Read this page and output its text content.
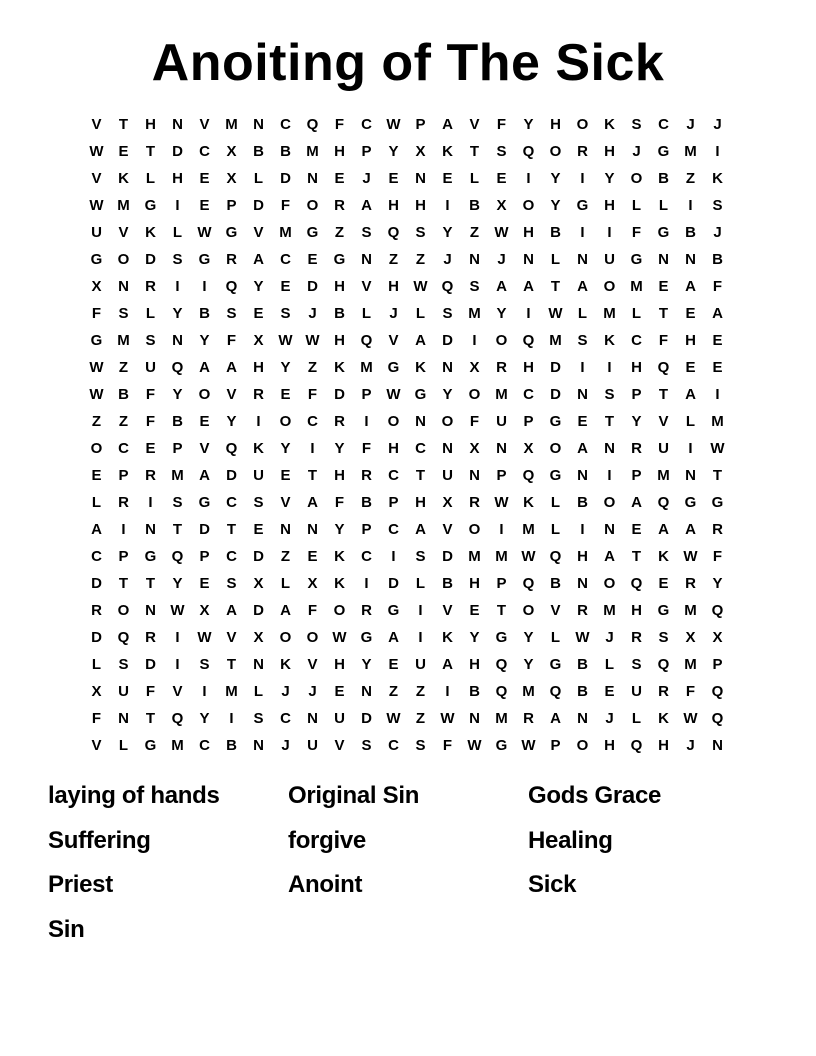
Anoiting of The Sick
V	T	H	N	V	M	N	C	Q	F	C W P	A	V	F	Y	H	O	K	S	C	J	J
W E	T	D	C	X	B	B	M	H	P	Y	X	K	T	S	Q	O	R	H	J	G M	I
V	K	L	H	E	X	L	D	N	E	J	E	N	E	L	E	I	Y	I	Y	O	B	Z	K
W M G	I	E	P	D	F	O	R	A	H	H	I	B	X	O	Y	G	H	L	L	I	S
U	V	K	L	W G	V	M G	Z	S	Q	S	Y	Z	W H	B	I	I	F	G	B	J
G	O	D	S	G	R	A	C	E	G	N	Z	Z	J	N	J	N	L	N	U	G	N	N	B
X	N	R	I	I	Q	Y	E	D	H	V	H W Q	S	A	A	T	A	O M	E	A	F
F	S	L	Y	B	S	E	S	J	B	L	J	L	S	M	Y	I	W	L	M	L	T	E	A
G M	S	N	Y	F	X W W H	Q	V	A	D	I	O	Q M	S	K	C	F	H	E
W	Z	U	Q	A	A	H	Y	Z	K	M G	K	N	X	R	H	D	I	I	H	Q	E	E
W B	F	Y	O	V	R	E	F	D	P W G	Y	O M	C	D	N	S	P	T	A	I
Z	Z	F	B	E	Y	I	O	C	R	I	O	N	O	F	U	P	G	E	T	Y	V	L	M
O	C	E	P	V	Q	K	Y	I	Y	F	H	C	N	X	N	X	O	A	N	R	U	I	W
E	P	R	M	A	D	U	E	T	H	R	C	T	U	N	P	Q	G	N	I	P	M	N	T
L	R	I	S	G	C	S	V	A	F	B	P	H	X	R W K	L	B	O	A	Q	G	G
A	I	N	T	D	T	E	N	N	Y	P	C	A	V	O	I	M	L	I	N	E	A	A	R
C	P	G	Q	P	C	D	Z	E	K	C	I	S	D	M M W Q	H	A	T	K W	F
D	T	T	Y	E	S	X	L	X	K	I	D	L	B	H	P	Q	B	N	O	Q	E	R	Y
R	O	N W X	A	D	A	F	O	R	G	I	V	E	T	O	V	R	M	H	G M Q
D	Q	R	I	W V	X	O	O W G	A	I	K	Y	G	Y	L	W	J	R	S	X	X
L	S	D	I	S	T	N	K	V	H	Y	E	U	A	H	Q	Y	G	B	L	S	Q M	P
X	U	F	V	I	M	L	J	J	E	N	Z	Z	I	B	Q M Q	B	E	U	R	F	Q
F	N	T	Q	Y	I	S	C	N	U	D W	Z	W N	M	R	A	N	J	L	K W Q
V	L	G M	C	B	N	J	U	V	S	C	S	F	W G W P	O	H	Q	H	J	N
laying of hands	Original Sin	Gods Grace
Suffering	forgive	Healing
Priest	Anoint	Sick
Sin
